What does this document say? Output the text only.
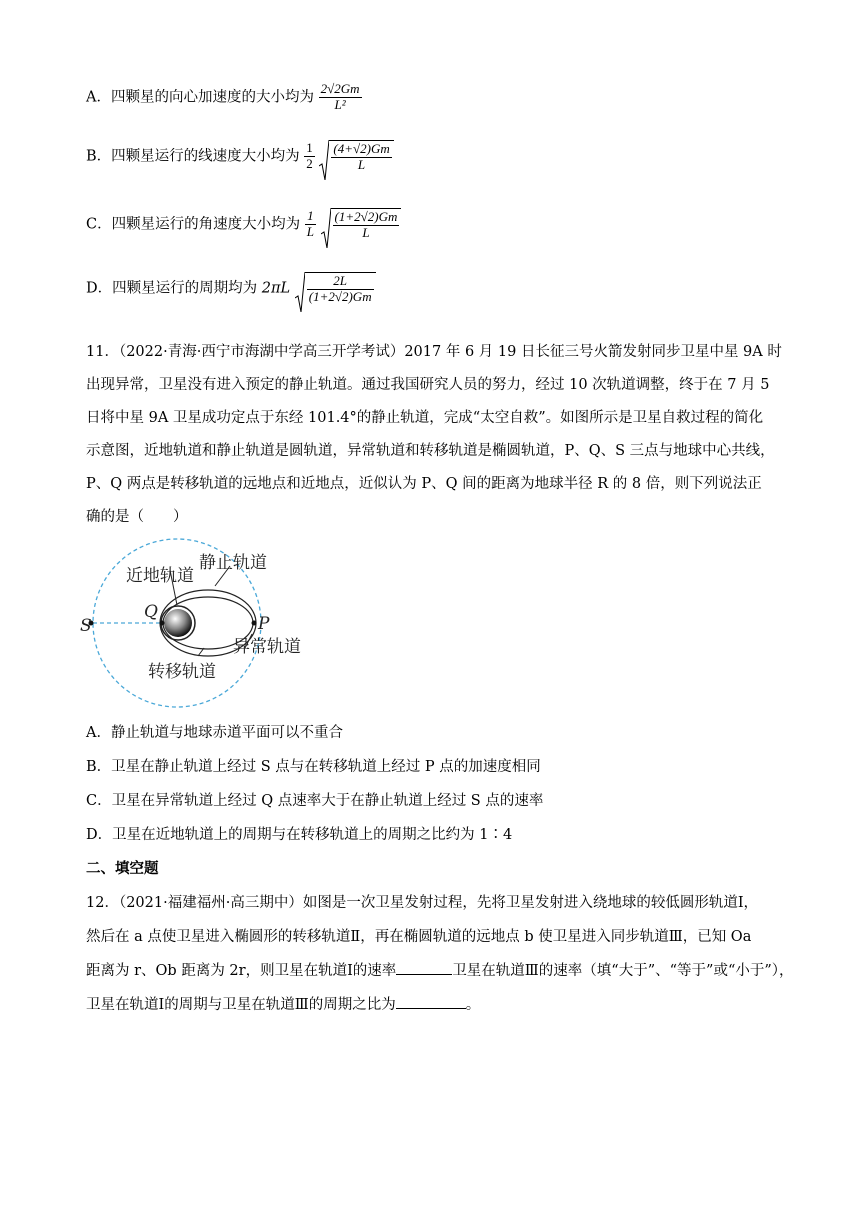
A．四颗星的向心加速度的大小均为 $\frac{2√2Gm}{\text{L²}}$
B．四颗星运行的线速度大小均为 $\frac{1}{2}$
$\frac{(4+√2)Gm}{L}$
C．四颗星运行的角速度大小均为 $\frac{1}{L}$
$\frac{(1+2√2)Gm}{L}$
D．四颗星运行的周期均为 $2\pi L \frac{2L}{(1+2√2)Gm}$
11．（2022·青海·西宁市海湖中学高三开学考试）2017 年 6 月 19 日长征三号火箭发射同步卫星中星 9A 时
出现异常，卫星没有进入预定的静止轨道。通过我国研究人员的努力，经过 10 次轨道调整，终于在 7 月 5
日将中星 9A 卫星成功定点于东经 101.4°的静止轨道，完成“太空自救”。如图所示是卫星自救过程的简化
示意图，近地轨道和静止轨道是圆轨道，异常轨道和转移轨道是椭圆轨道，P、Q、S 三点与地球中心共线，
P、Q 两点是转移轨道的远地点和近地点，近似认为 P、Q 间的距离为地球半径 R 的 8 倍，则下列说法正
确的是（　　）
静止轨道
近地轨道
异常轨道
转移轨道
S
Q
P
A．静止轨道与地球赤道平面可以不重合
B．卫星在静止轨道上经过 S 点与在转移轨道上经过 P 点的加速度相同
C．卫星在异常轨道上经过 Q 点速率大于在静止轨道上经过 S 点的速率
D．卫星在近地轨道上的周期与在转移轨道上的周期之比约为 1∶4
二、填空题
12．（2021·福建福州·高三期中）如图是一次卫星发射过程，先将卫星发射进入绕地球的较低圆形轨道Ⅰ，
然后在 a 点使卫星进入椭圆形的转移轨道Ⅱ，再在椭圆轨道的远地点 b 使卫星进入同步轨道Ⅲ，已知 Oa
距离为 r、Ob 距离为 2r，则卫星在轨道Ⅰ的速率	卫星在轨道Ⅲ的速率（填“大于”、“等于”或“小于”），
卫星在轨道Ⅰ的周期与卫星在轨道Ⅲ的周期之比为	。
